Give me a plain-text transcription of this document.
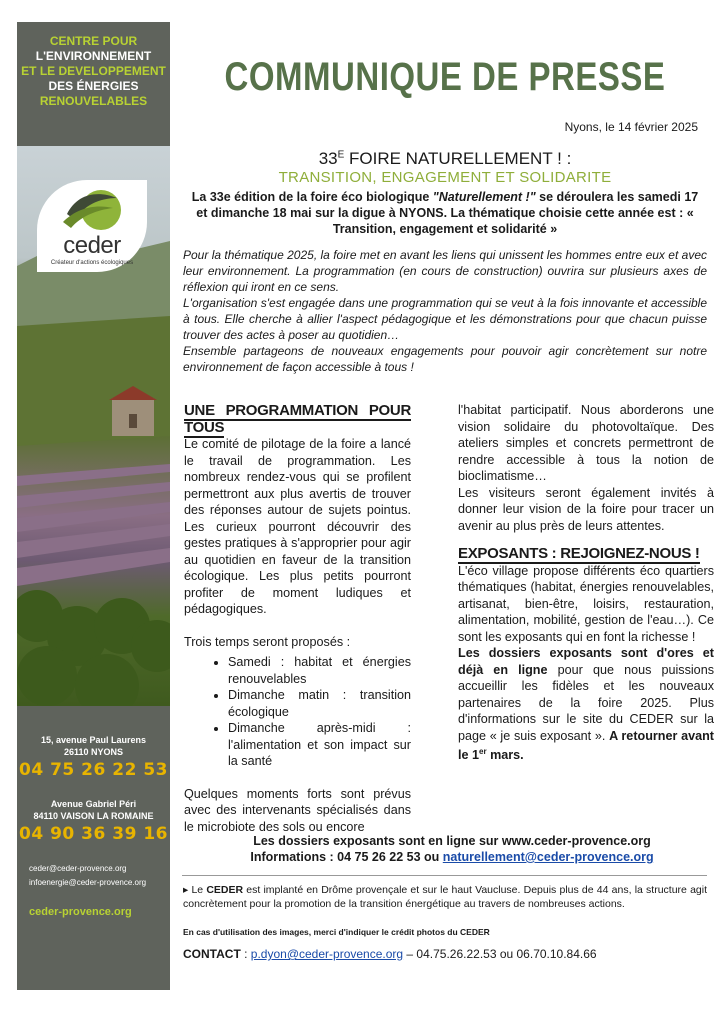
CENTRE POUR
L'ENVIRONNEMENT
ET LE DEVELOPPEMENT
DES ÉNERGIES
RENOUVELABLES
ceder
Créateur d'actions écologiques
15, avenue Paul Laurens
26110 NYONS
04 75 26 22 53
Avenue Gabriel Péri
84110 VAISON LA ROMAINE
04 90 36 39 16
ceder@ceder-provence.org
infoenergie@ceder-provence.org
ceder-provence.org
COMMUNIQUE DE PRESSE
Nyons, le 14 février 2025
$33^E$ FOIRE NATURELLEMENT ! :
TRANSITION, ENGAGEMENT ET SOLIDARITE
La 33e édition de la foire éco biologique "Naturellement !" se déroulera les samedi 17 et dimanche 18 mai sur la digue à NYONS. La thématique choisie cette année est : « Transition, engagement et solidarité »

Pour la thématique 2025, la foire met en avant les liens qui unissent les hommes entre eux et avec leur environnement. La programmation (en cours de construction) ouvrira sur plusieurs axes de réflexion qui iront en ce sens.

L'organisation s'est engagée dans une programmation qui se veut à la fois innovante et accessible à tous. Elle cherche à allier l'aspect pédagogique et les démonstrations pour que chacun puisse trouver des actes à poser au quotidien…

Ensemble partageons de nouveaux engagements pour pouvoir agir concrètement sur notre environnement de façon accessible à tous !

UNE PROGRAMMATION POUR TOUS

Le comité de pilotage de la foire a lancé le travail de programmation. Les nombreux rendez-vous qui se profilent permettront aux plus avertis de trouver des réponses autour de sujets pointus. Les curieux pourront découvrir des gestes pratiques à s'approprier pour agir au quotidien en faveur de la transition écologique. Les plus petits pourront profiter de moment ludiques et pédagogiques.

Trois temps seront proposés :

• Samedi : habitat et énergies renouvelables
• Dimanche matin : transition écologique
• Dimanche après-midi : l'alimentation et son impact sur la santé

Quelques moments forts sont prévus avec des intervenants spécialisés dans le microbiote des sols ou encore

l'habitat participatif. Nous aborderons une vision solidaire du photovoltaïque. Des ateliers simples et concrets permettront de rendre accessible à tous la notion de bioclimatisme…

Les visiteurs seront également invités à donner leur vision de la foire pour tracer un avenir au plus près de leurs attentes.

EXPOSANTS : REJOIGNEZ-NOUS !

L'éco village propose différents éco quartiers thématiques (habitat, énergies renouvelables, artisanat, bien-être, loisirs, restauration, alimentation, mobilité, gestion de l'eau…). Ce sont les exposants qui en font la richesse !

Les dossiers exposants sont d'ores et déjà en ligne pour que nous puissions accueillir les fidèles et les nouveaux partenaires de la foire 2025. Plus d'informations sur le site du CEDER sur la page « je suis exposant ». A retourner avant le 1er mars.

Les dossiers exposants sont en ligne sur www.ceder-provence.org
Informations : 04 75 26 22 53 ou naturellement@ceder-provence.org
▸ Le CEDER est implanté en Drôme provençale et sur le haut Vaucluse. Depuis plus de 44 ans, la structure agit concrètement pour la promotion de la transition énergétique au travers de nombreuses actions.
En cas d'utilisation des images, merci d'indiquer le crédit photos du CEDER
CONTACT : p.dyon@ceder-provence.org – 04.75.26.22.53 ou 06.70.10.84.66
